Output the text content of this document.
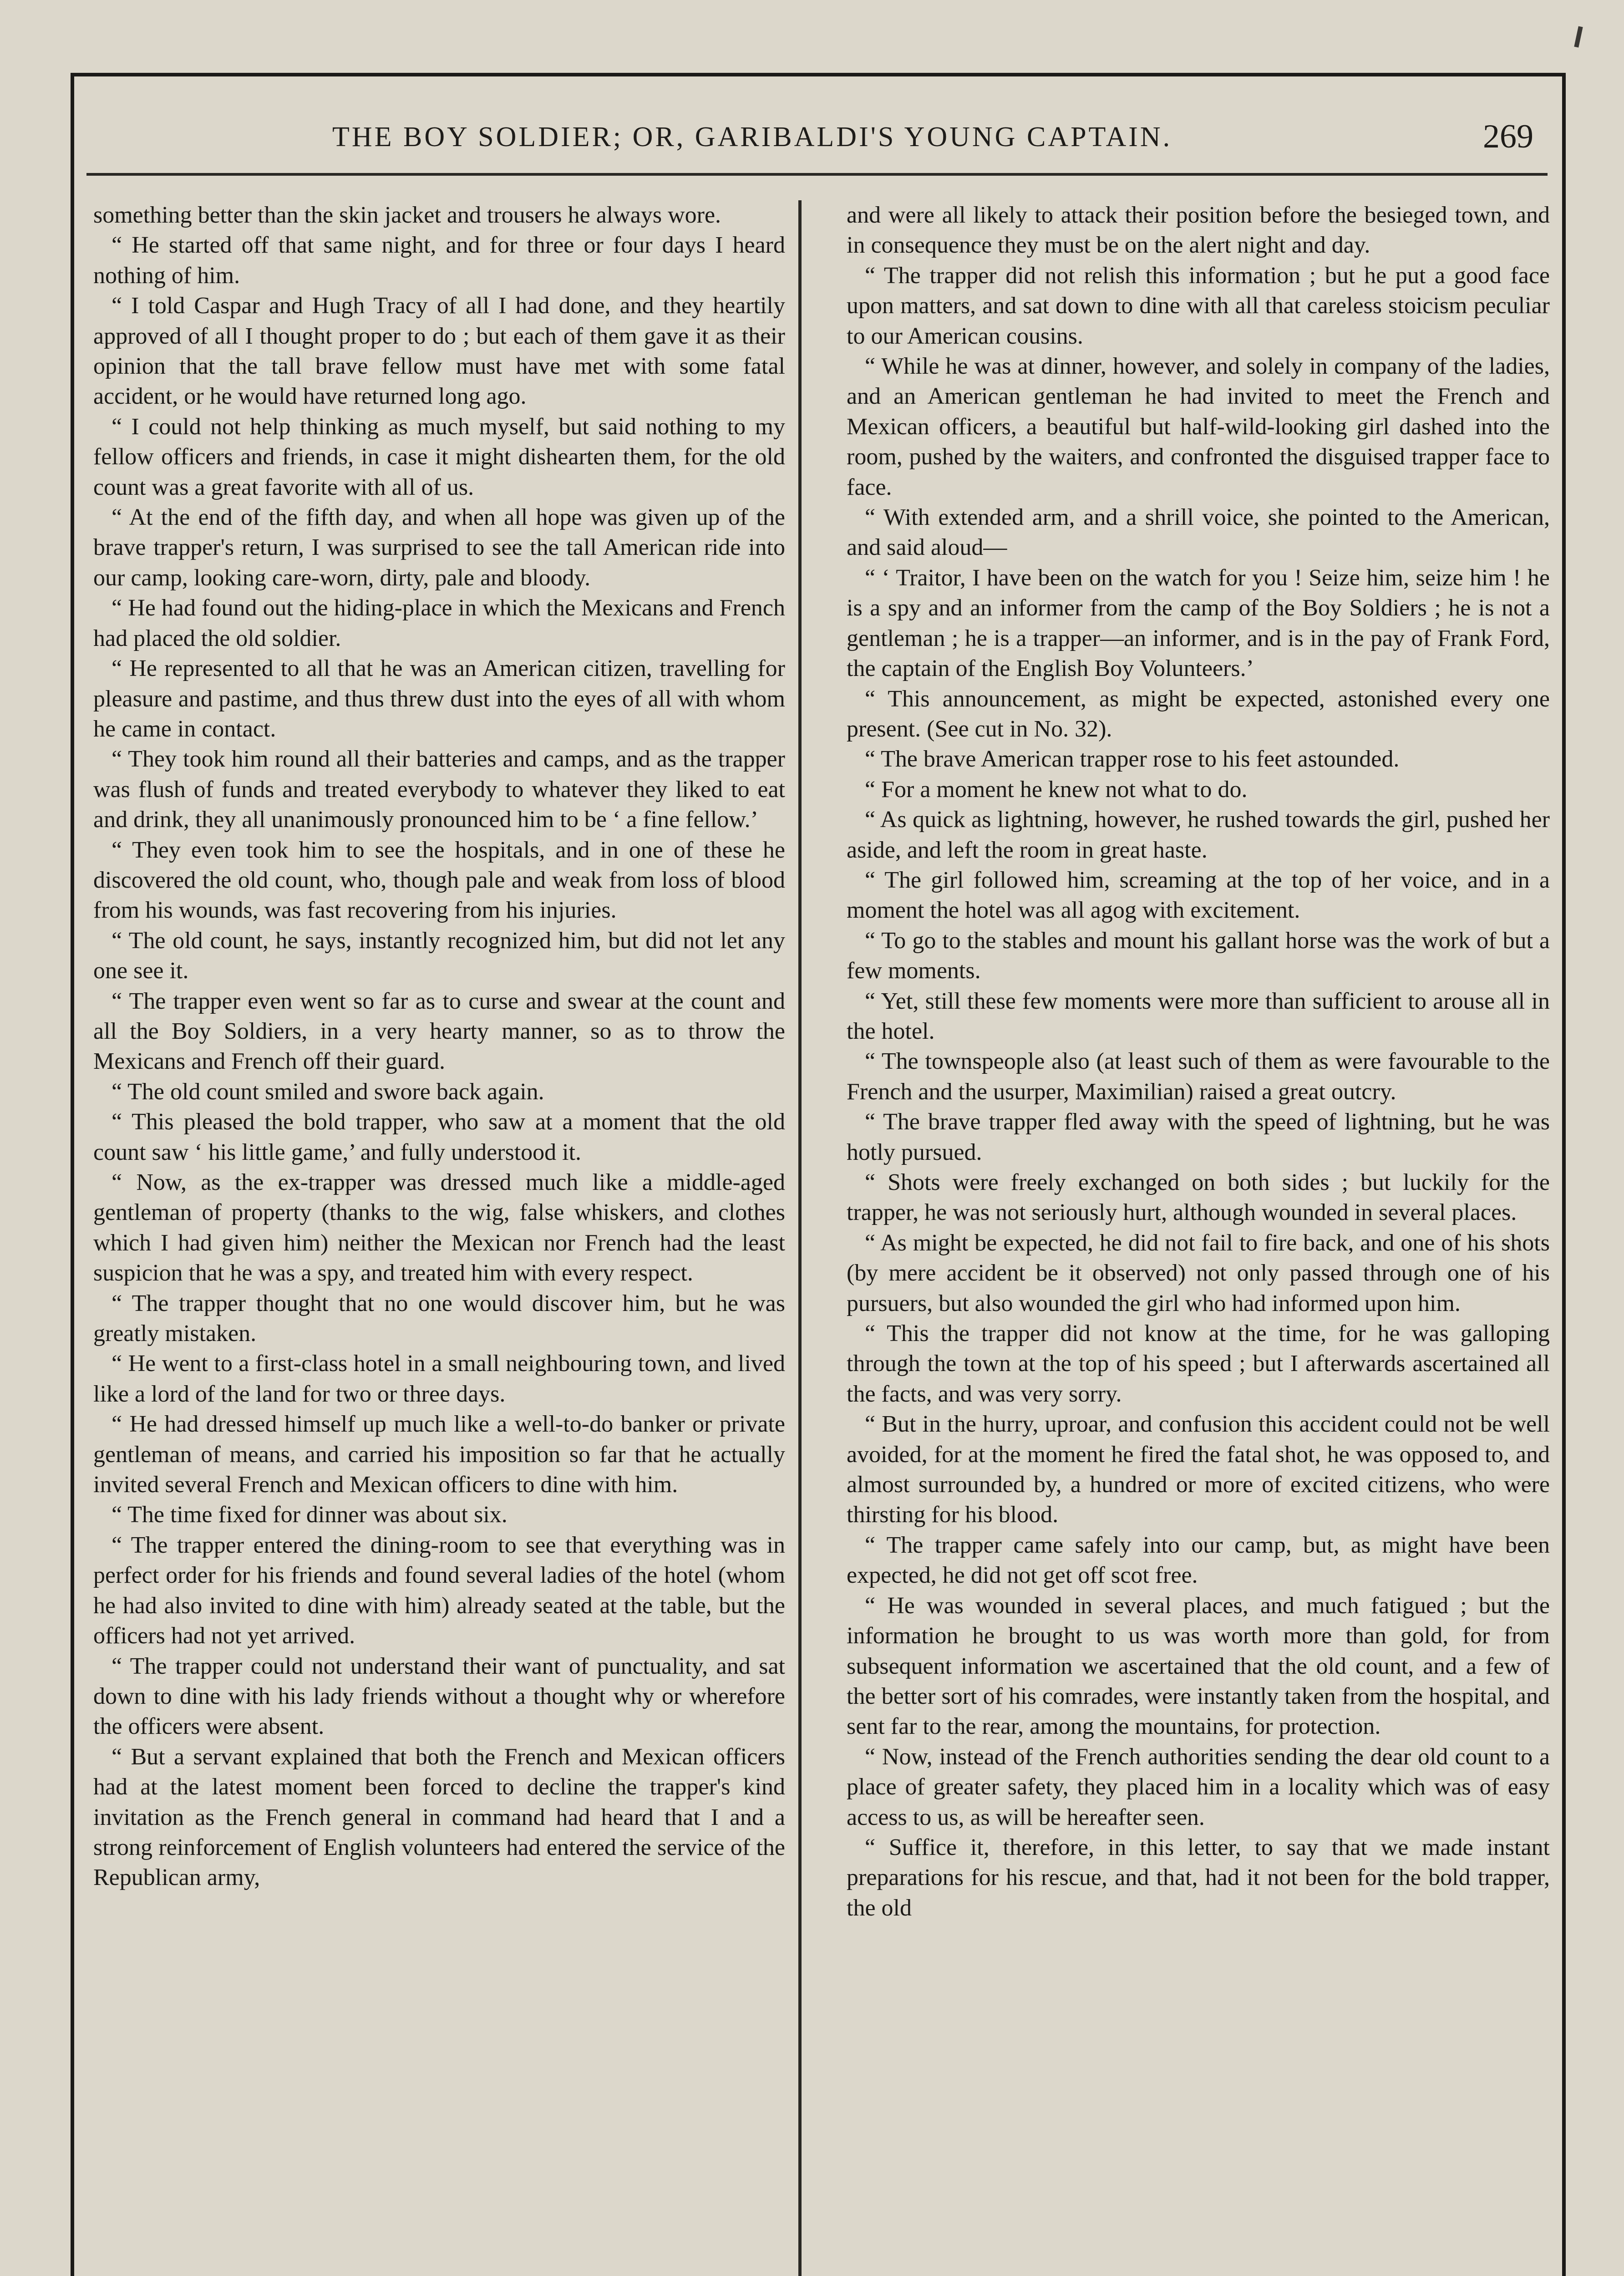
THE BOY SOLDIER; OR, GARIBALDI'S YOUNG CAPTAIN.	269

something better than the skin jacket and trousers he always wore.

“ He started off that same night, and for three or four days I heard nothing of him.

“ I told Caspar and Hugh Tracy of all I had done, and they heartily approved of all I thought proper to do ; but each of them gave it as their opinion that the tall brave fellow must have met with some fatal accident, or he would have returned long ago.

“ I could not help thinking as much myself, but said nothing to my fellow officers and friends, in case it might dishearten them, for the old count was a great favorite with all of us.

“ At the end of the fifth day, and when all hope was given up of the brave trapper's return, I was surprised to see the tall American ride into our camp, looking care-worn, dirty, pale and bloody.

“ He had found out the hiding-place in which the Mexicans and French had placed the old soldier.

“ He represented to all that he was an American citizen, travelling for pleasure and pastime, and thus threw dust into the eyes of all with whom he came in contact.

“ They took him round all their batteries and camps, and as the trapper was flush of funds and treated everybody to whatever they liked to eat and drink, they all unanimously pronounced him to be ‘ a fine fellow.’

“ They even took him to see the hospitals, and in one of these he discovered the old count, who, though pale and weak from loss of blood from his wounds, was fast recovering from his injuries.

“ The old count, he says, instantly recognized him, but did not let any one see it.

“ The trapper even went so far as to curse and swear at the count and all the Boy Soldiers, in a very hearty manner, so as to throw the Mexicans and French off their guard.

“ The old count smiled and swore back again.

“ This pleased the bold trapper, who saw at a moment that the old count saw ‘ his little game,’ and fully understood it.

“ Now, as the ex-trapper was dressed much like a middle-aged gentleman of property (thanks to the wig, false whiskers, and clothes which I had given him) neither the Mexican nor French had the least suspicion that he was a spy, and treated him with every respect.

“ The trapper thought that no one would discover him, but he was greatly mistaken.

“ He went to a first-class hotel in a small neighbouring town, and lived like a lord of the land for two or three days.

“ He had dressed himself up much like a well-to-do banker or private gentleman of means, and carried his imposition so far that he actually invited several French and Mexican officers to dine with him.

“ The time fixed for dinner was about six.

“ The trapper entered the dining-room to see that everything was in perfect order for his friends and found several ladies of the hotel (whom he had also invited to dine with him) already seated at the table, but the officers had not yet arrived.

“ The trapper could not understand their want of punctuality, and sat down to dine with his lady friends without a thought why or wherefore the officers were absent.

“ But a servant explained that both the French and Mexican officers had at the latest moment been forced to decline the trapper's kind invitation as the French general in command had heard that I and a strong reinforcement of English volunteers had entered the service of the Republican army,

and were all likely to attack their position before the besieged town, and in consequence they must be on the alert night and day.

“ The trapper did not relish this information ; but he put a good face upon matters, and sat down to dine with all that careless stoicism peculiar to our American cousins.

“ While he was at dinner, however, and solely in company of the ladies, and an American gentleman he had invited to meet the French and Mexican officers, a beautiful but half-wild-looking girl dashed into the room, pushed by the waiters, and confronted the disguised trapper face to face.

“ With extended arm, and a shrill voice, she pointed to the American, and said aloud—

“ ‘ Traitor, I have been on the watch for you ! Seize him, seize him ! he is a spy and an informer from the camp of the Boy Soldiers ; he is not a gentleman ; he is a trapper—an informer, and is in the pay of Frank Ford, the captain of the English Boy Volunteers.’

“ This announcement, as might be expected, astonished every one present. (See cut in No. 32).

“ The brave American trapper rose to his feet astounded.

“ For a moment he knew not what to do.

“ As quick as lightning, however, he rushed towards the girl, pushed her aside, and left the room in great haste.

“ The girl followed him, screaming at the top of her voice, and in a moment the hotel was all agog with excitement.

“ To go to the stables and mount his gallant horse was the work of but a few moments.

“ Yet, still these few moments were more than sufficient to arouse all in the hotel.

“ The townspeople also (at least such of them as were favourable to the French and the usurper, Maximilian) raised a great outcry.

“ The brave trapper fled away with the speed of lightning, but he was hotly pursued.

“ Shots were freely exchanged on both sides ; but luckily for the trapper, he was not seriously hurt, although wounded in several places.

“ As might be expected, he did not fail to fire back, and one of his shots (by mere accident be it observed) not only passed through one of his pursuers, but also wounded the girl who had informed upon him.

“ This the trapper did not know at the time, for he was galloping through the town at the top of his speed ; but I afterwards ascertained all the facts, and was very sorry.

“ But in the hurry, uproar, and confusion this accident could not be well avoided, for at the moment he fired the fatal shot, he was opposed to, and almost surrounded by, a hundred or more of excited citizens, who were thirsting for his blood.

“ The trapper came safely into our camp, but, as might have been expected, he did not get off scot free.

“ He was wounded in several places, and much fatigued ; but the information he brought to us was worth more than gold, for from subsequent information we ascertained that the old count, and a few of the better sort of his comrades, were instantly taken from the hospital, and sent far to the rear, among the mountains, for protection.

“ Now, instead of the French authorities sending the dear old count to a place of greater safety, they placed him in a locality which was of easy access to us, as will be hereafter seen.

“ Suffice it, therefore, in this letter, to say that we made instant preparations for his rescue, and that, had it not been for the bold trapper, the old
